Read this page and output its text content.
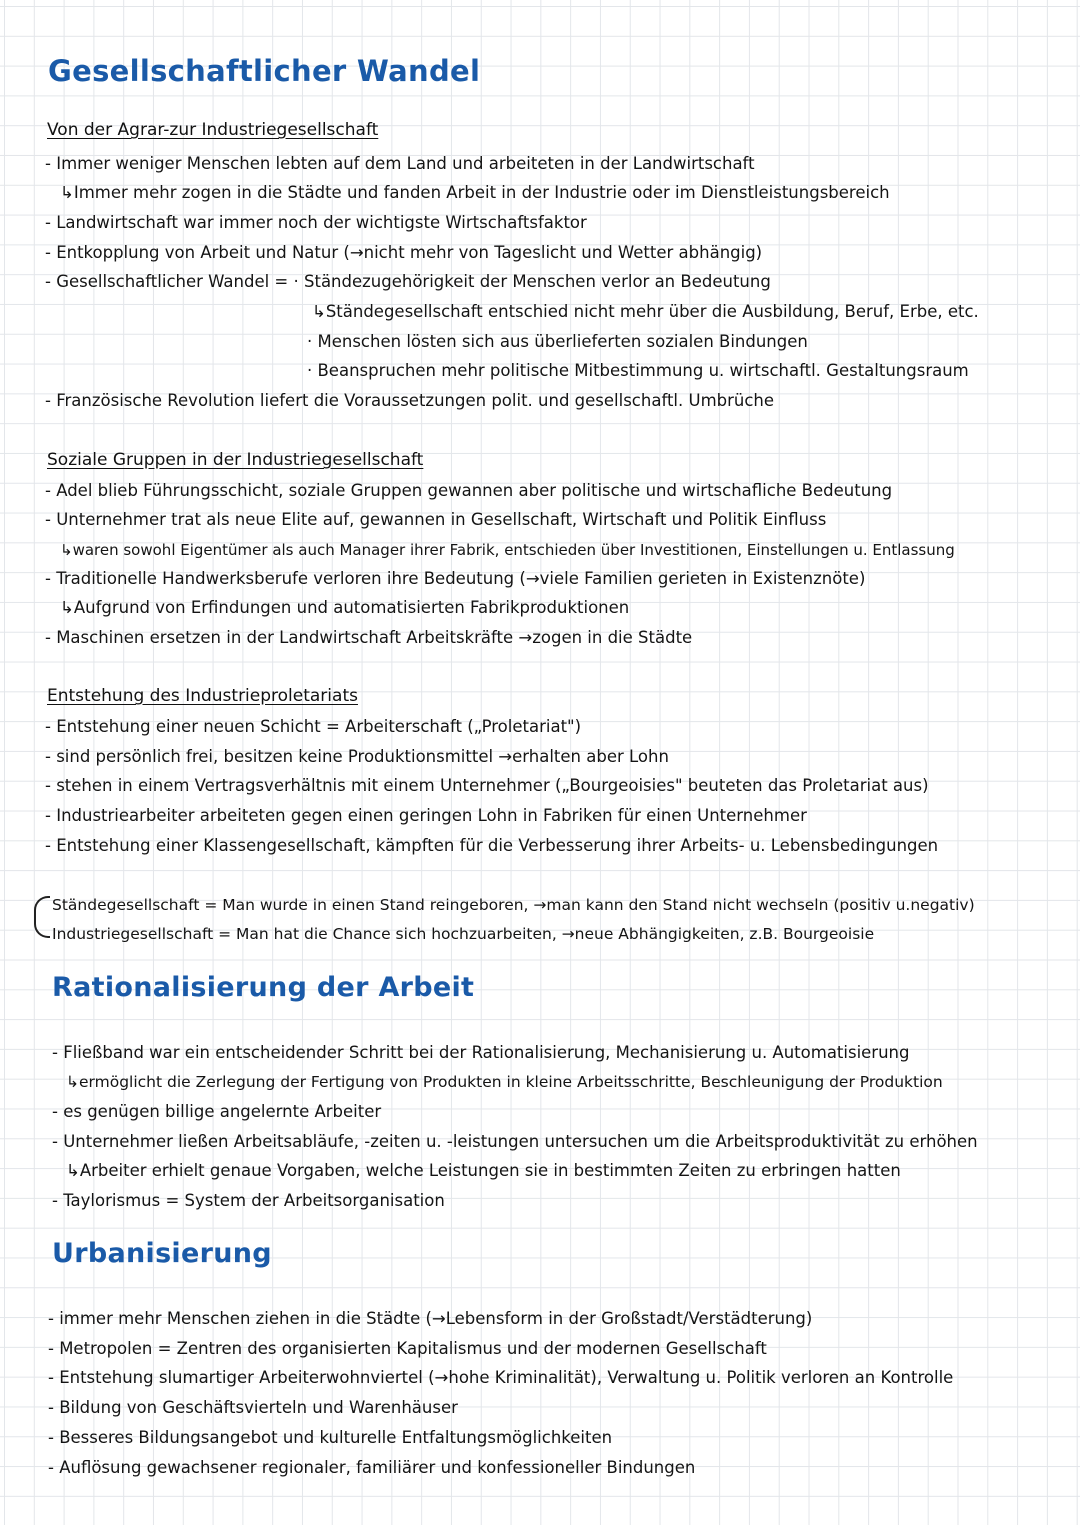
Gesellschaftlicher Wandel
Von der Agrar-zur Industriegesellschaft
- Immer weniger Menschen lebten auf dem Land und arbeiteten in der Landwirtschaft
↳Immer mehr zogen in die Städte und fanden Arbeit in der Industrie oder im Dienstleistungsbereich
- Landwirtschaft war immer noch der wichtigste Wirtschaftsfaktor
- Entkopplung von Arbeit und Natur (→nicht mehr von Tageslicht und Wetter abhängig)
- Gesellschaftlicher Wandel = · Ständezugehörigkeit der Menschen verlor an Bedeutung
↳Ständegesellschaft entschied nicht mehr über die Ausbildung, Beruf, Erbe, etc.
· Menschen lösten sich aus überlieferten sozialen Bindungen
· Beanspruchen mehr politische Mitbestimmung u. wirtschaftl. Gestaltungsraum
- Französische Revolution liefert die Voraussetzungen polit. und gesellschaftl. Umbrüche
Soziale Gruppen in der Industriegesellschaft
- Adel blieb Führungsschicht, soziale Gruppen gewannen aber politische und wirtschafliche Bedeutung
- Unternehmer trat als neue Elite auf, gewannen in Gesellschaft, Wirtschaft und Politik Einfluss
↳waren sowohl Eigentümer als auch Manager ihrer Fabrik, entschieden über Investitionen, Einstellungen u. Entlassung
- Traditionelle Handwerksberufe verloren ihre Bedeutung (→viele Familien gerieten in Existenznöte)
↳Aufgrund von Erfindungen und automatisierten Fabrikproduktionen
- Maschinen ersetzen in der Landwirtschaft Arbeitskräfte →zogen in die Städte
Entstehung des Industrieproletariats
- Entstehung einer neuen Schicht = Arbeiterschaft („Proletariat")
- sind persönlich frei, besitzen keine Produktionsmittel →erhalten aber Lohn
- stehen in einem Vertragsverhältnis mit einem Unternehmer („Bourgeoisies" beuteten das Proletariat aus)
- Industriearbeiter arbeiteten gegen einen geringen Lohn in Fabriken für einen Unternehmer
- Entstehung einer Klassengesellschaft, kämpften für die Verbesserung ihrer Arbeits- u. Lebensbedingungen
Ständegesellschaft = Man wurde in einen Stand reingeboren, →man kann den Stand nicht wechseln (positiv u.negativ)
Industriegesellschaft = Man hat die Chance sich hochzuarbeiten, →neue Abhängigkeiten, z.B. Bourgeoisie
Rationalisierung der Arbeit
- Fließband war ein entscheidender Schritt bei der Rationalisierung, Mechanisierung u. Automatisierung
↳ermöglicht die Zerlegung der Fertigung von Produkten in kleine Arbeitsschritte, Beschleunigung der Produktion
- es genügen billige angelernte Arbeiter
- Unternehmer ließen Arbeitsabläufe, -zeiten u. -leistungen untersuchen um die Arbeitsproduktivität zu erhöhen
↳Arbeiter erhielt genaue Vorgaben, welche Leistungen sie in bestimmten Zeiten zu erbringen hatten
- Taylorismus = System der Arbeitsorganisation
Urbanisierung
- immer mehr Menschen ziehen in die Städte (→Lebensform in der Großstadt/Verstädterung)
- Metropolen = Zentren des organisierten Kapitalismus und der modernen Gesellschaft
- Entstehung slumartiger Arbeiterwohnviertel (→hohe Kriminalität), Verwaltung u. Politik verloren an Kontrolle
- Bildung von Geschäftsvierteln und Warenhäuser
- Besseres Bildungsangebot und kulturelle Entfaltungsmöglichkeiten
- Auflösung gewachsener regionaler, familiärer und konfessioneller Bindungen
